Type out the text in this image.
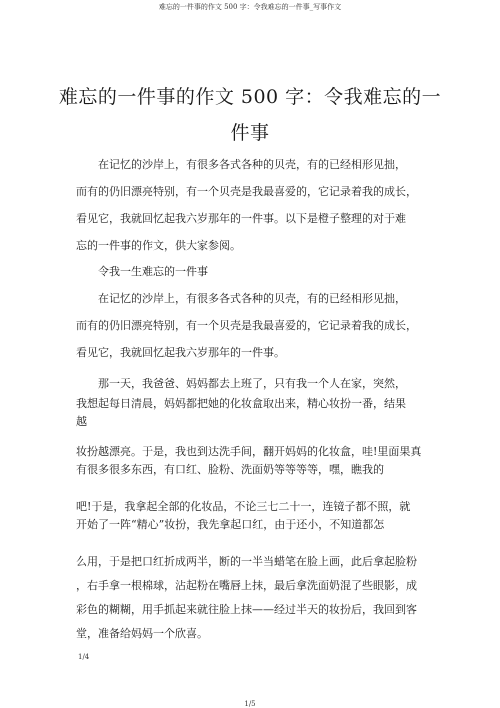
难忘的一件事的作文 500 字：令我难忘的一件事_写事作文
难忘的一件事的作文 500 字：令我难忘的一
件事
在记忆的沙岸上，有很多各式各种的贝壳，有的已经相形见拙，
而有的仍旧漂亮特别，有一个贝壳是我最喜爱的，它记录着我的成长，
看见它，我就回忆起我六岁那年的一件事。以下是橙子整理的对于难
忘的一件事的作文，供大家参阅。
令我一生难忘的一件事
在记忆的沙岸上，有很多各式各种的贝壳，有的已经相形见拙，
而有的仍旧漂亮特别，有一个贝壳是我最喜爱的，它记录着我的成长，
看见它，我就回忆起我六岁那年的一件事。
那一天，我爸爸、妈妈都去上班了，只有我一个人在家，突然，
我想起每日清晨，妈妈都把她的化妆盒取出来，精心妆扮一番，结果
越
妆扮越漂亮。于是，我也到达洗手间，翻开妈妈的化妆盒，哇!里面果真
有很多很多东西，有口红、脸粉、洗面奶等等等等，嘿，瞧我的
吧!于是，我拿起全部的化妆品，不论三七二十一，连镜子都不照，就
开始了一阵“精心”妆扮，我先拿起口红，由于还小，不知道都怎
么用，于是把口红折成两半，断的一半当蜡笔在脸上画，此后拿起脸粉
，右手拿一根棉球，沾起粉在嘴唇上抹，最后拿洗面奶混了些眼影，成
彩色的糊糊，用手抓起来就往脸上抹——经过半天的妆扮后，我回到客
堂，准备给妈妈一个欣喜。
1/4
1/5
